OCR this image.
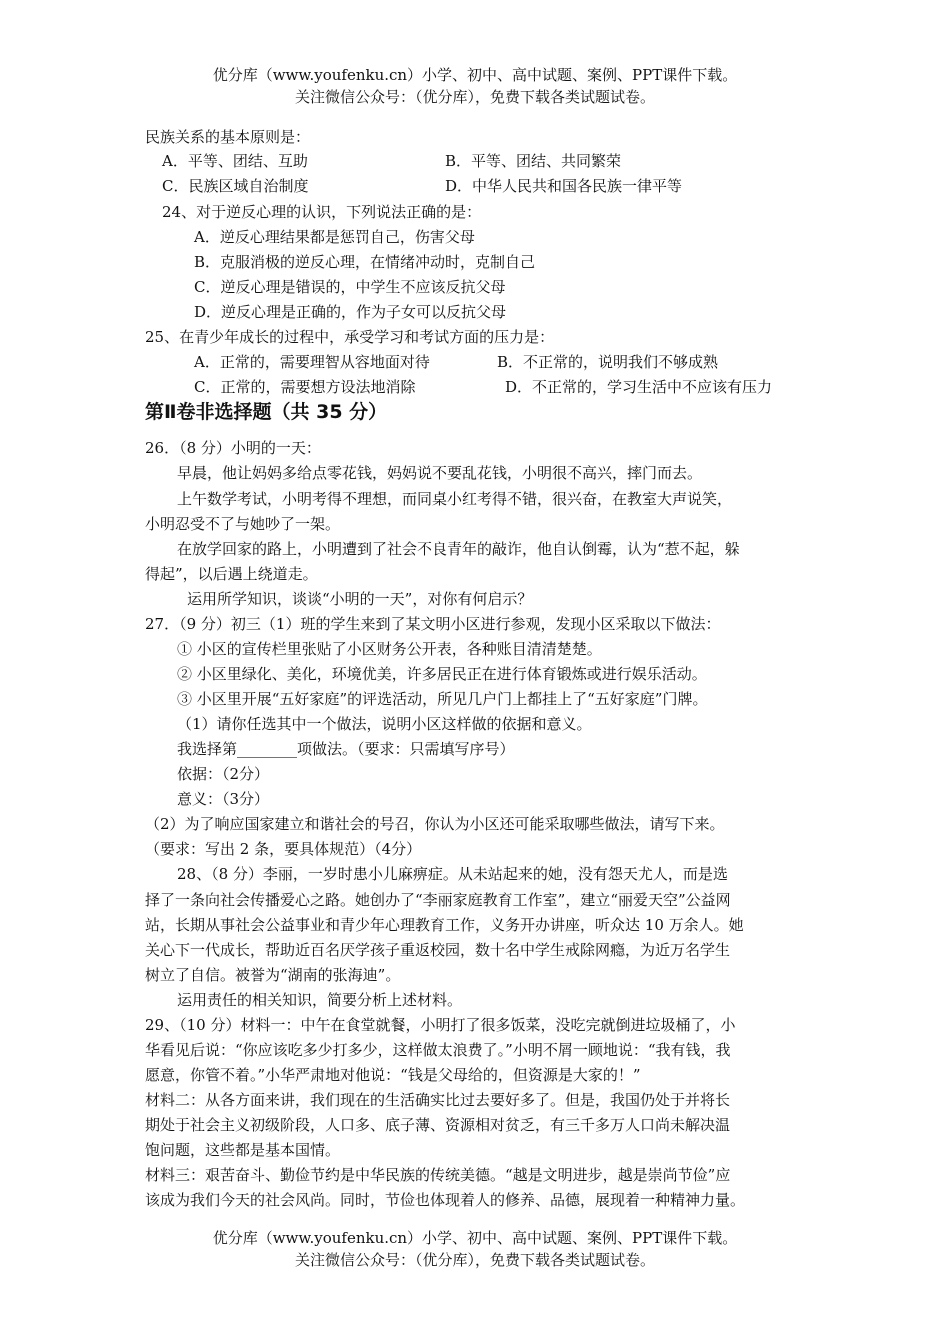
优分库（www.youfenku.cn）小学、初中、高中试题、案例、PPT课件下载。
关注微信公众号：（优分库），免费下载各类试题试卷。
民族关系的基本原则是：
A．平等、团结、互助	B．平等、团结、共同繁荣
C．民族区域自治制度	D．中华人民共和国各民族一律平等
24、对于逆反心理的认识，下列说法正确的是：
A．逆反心理结果都是惩罚自己，伤害父母
B．克服消极的逆反心理，在情绪冲动时，克制自己
C．逆反心理是错误的，中学生不应该反抗父母
D．逆反心理是正确的，作为子女可以反抗父母
25、在青少年成长的过程中，承受学习和考试方面的压力是：
A．正常的，需要理智从容地面对待	B．不正常的，说明我们不够成熟
C．正常的，需要想方设法地消除	D．不正常的，学习生活中不应该有压力
第Ⅱ卷非选择题（共 35 分）
26．（8 分）小明的一天：
早晨，他让妈妈多给点零花钱，妈妈说不要乱花钱，小明很不高兴，摔门而去。
上午数学考试，小明考得不理想，而同桌小红考得不错，很兴奋，在教室大声说笑，
小明忍受不了与她吵了一架。
在放学回家的路上，小明遭到了社会不良青年的敲诈，他自认倒霉，认为“惹不起，躲
得起”，以后遇上绕道走。
运用所学知识，谈谈“小明的一天”，对你有何启示？
27．（9 分）初三（1）班的学生来到了某文明小区进行参观，发现小区采取以下做法：
① 小区的宣传栏里张贴了小区财务公开表，各种账目清清楚楚。
② 小区里绿化、美化，环境优美，许多居民正在进行体育锻炼或进行娱乐活动。
③ 小区里开展“五好家庭”的评选活动，所见几户门上都挂上了“五好家庭”门牌。
（1）请你任选其中一个做法，说明小区这样做的依据和意义。
我选择第________项做法。（要求：只需填写序号）
依据：（2分）
意义：（3分）
（2）为了响应国家建立和谐社会的号召，你认为小区还可能采取哪些做法，请写下来。
（要求：写出 2 条，要具体规范）（4分）
28、（8 分）李丽，一岁时患小儿麻痹症。从未站起来的她，没有怨天尤人，而是选
择了一条向社会传播爱心之路。她创办了“李丽家庭教育工作室”，建立“丽爱天空”公益网
站，长期从事社会公益事业和青少年心理教育工作，义务开办讲座，听众达 10 万余人。她
关心下一代成长，帮助近百名厌学孩子重返校园，数十名中学生戒除网瘾，为近万名学生
树立了自信。被誉为“湖南的张海迪”。
运用责任的相关知识，简要分析上述材料。
29、（10 分）材料一：中午在食堂就餐，小明打了很多饭菜，没吃完就倒进垃圾桶了，小
华看见后说：“你应该吃多少打多少，这样做太浪费了。”小明不屑一顾地说：“我有钱，我
愿意，你管不着。”小华严肃地对他说：“钱是父母给的，但资源是大家的！”
材料二：从各方面来讲，我们现在的生活确实比过去要好多了。但是，我国仍处于并将长
期处于社会主义初级阶段，人口多、底子薄、资源相对贫乏，有三千多万人口尚未解决温
饱问题，这些都是基本国情。
材料三：艰苦奋斗、勤俭节约是中华民族的传统美德。“越是文明进步，越是崇尚节俭”应
该成为我们今天的社会风尚。同时，节俭也体现着人的修养、品德，展现着一种精神力量。
优分库（www.youfenku.cn）小学、初中、高中试题、案例、PPT课件下载。
关注微信公众号：（优分库），免费下载各类试题试卷。
